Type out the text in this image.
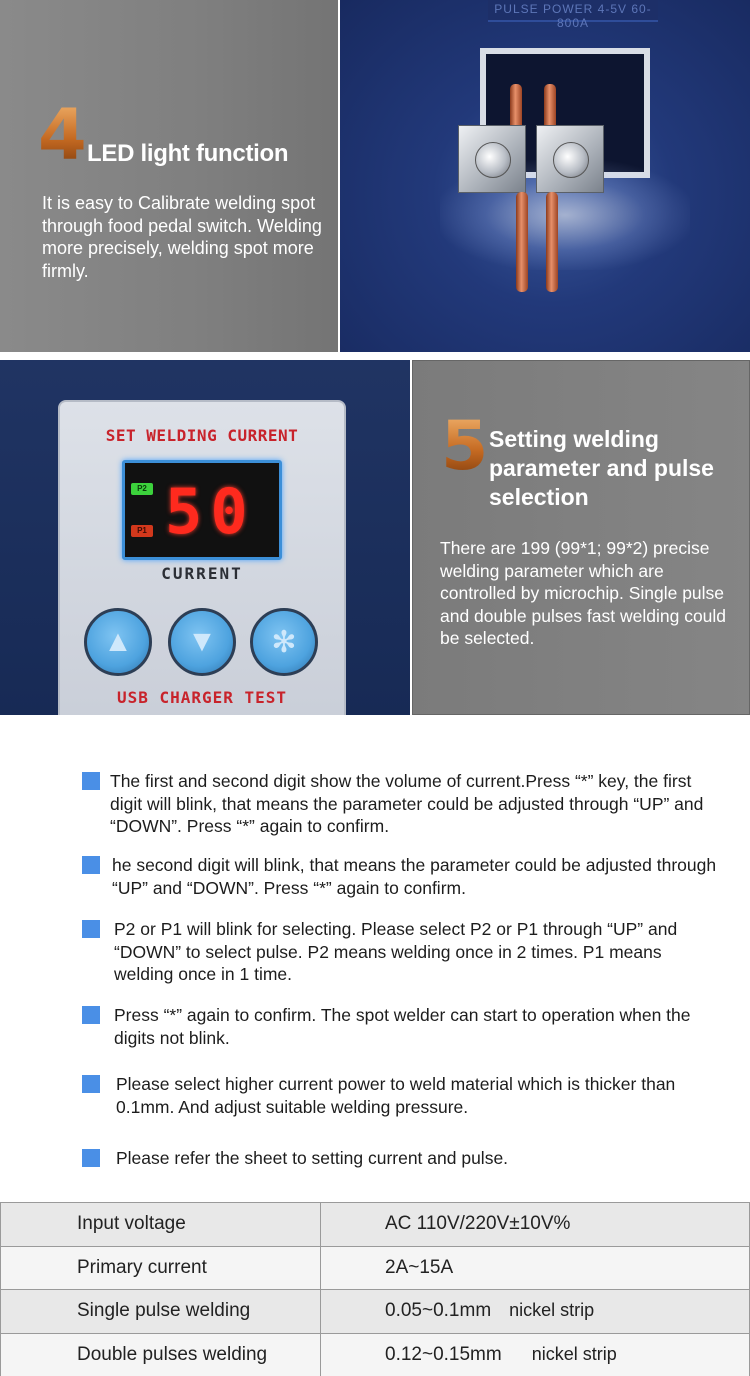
4 LED light function
It is easy to Calibrate welding spot through food pedal switch. Welding more precisely, welding spot more firmly.
PULSE POWER 4-5V 60-800A
SET WELDING CURRENT
P2
P1 50
CURRENT
▲	▼	✻
USB CHARGER TEST
5 Setting welding parameter and pulse selection
There are 199 (99*1; 99*2) precise welding parameter which are controlled by microchip. Single pulse and double pulses fast welding could be selected.
The first and second digit show the volume of current.Press “*” key, the first digit will blink, that means the parameter could be adjusted through “UP” and “DOWN”. Press “*” again to confirm.
he second digit will blink, that means the parameter could be adjusted through “UP” and “DOWN”. Press “*” again to confirm.
P2 or P1 will blink for selecting. Please select P2 or P1 through “UP” and “DOWN” to select pulse. P2 means welding once in 2 times. P1 means welding once in 1 time.
Press “*” again to confirm. The spot welder can start to operation when the digits not blink.
Please select higher current power to weld material which is thicker than 0.1mm. And adjust suitable welding pressure.
Please refer the sheet to setting current and pulse.
Input voltage	AC 110V/220V±10V%
Primary current	2A~15A
Single pulse welding	0.05~0.1mm nickel strip
Double pulses welding	0.12~0.15mm nickel strip
